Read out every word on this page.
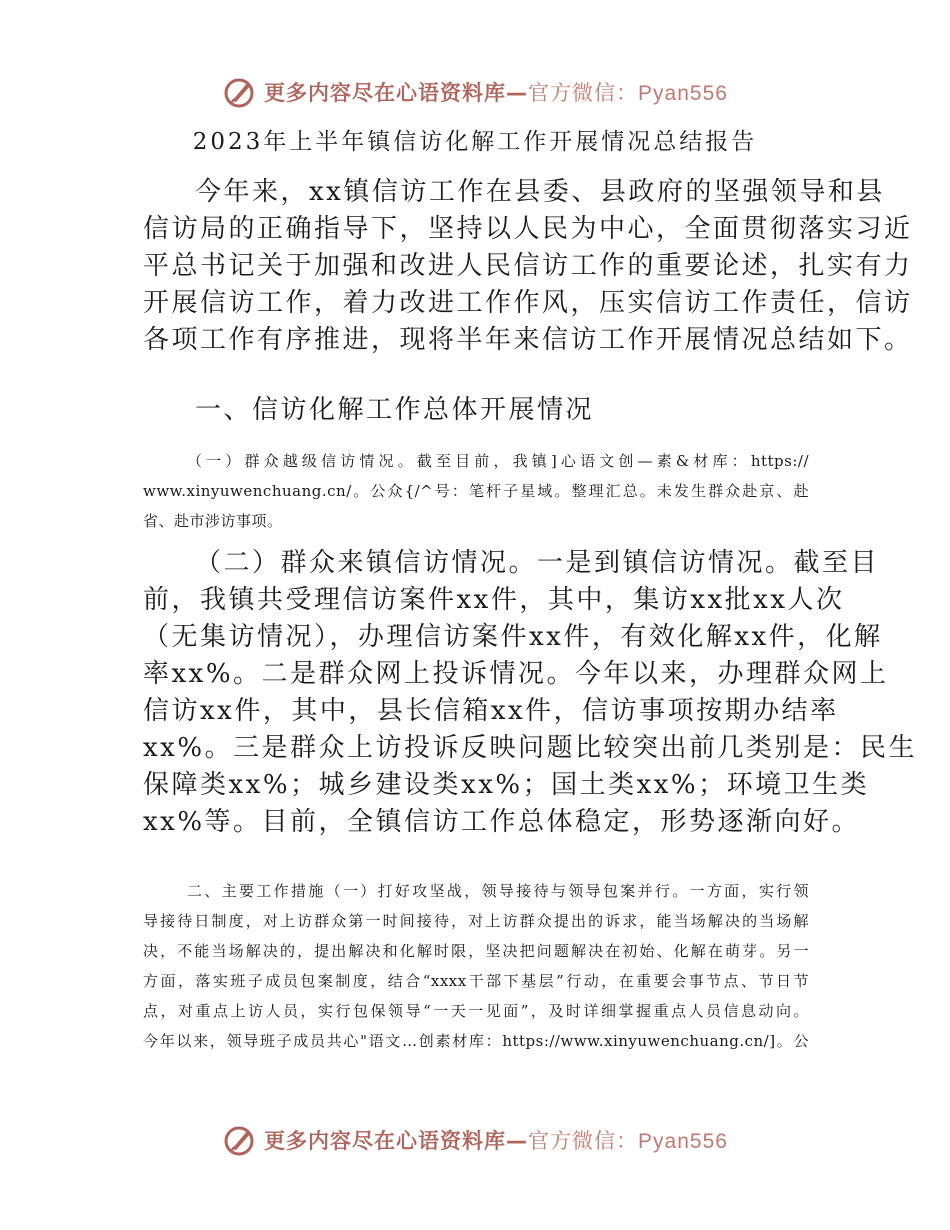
更多内容尽在心语资料库—官方微信：Pyan556
2023年上半年镇信访化解工作开展情况总结报告
今年来，xx镇信访工作在县委、县政府的坚强领导和县
信访局的正确指导下，坚持以人民为中心，全面贯彻落实习近
平总书记关于加强和改进人民信访工作的重要论述，扎实有力
开展信访工作，着力改进工作作风，压实信访工作责任，信访
各项工作有序推进，现将半年来信访工作开展情况总结如下。
一、信访化解工作总体开展情况
（一）群众越级信访情况。截至目前，我镇]心语文创—素&材库：https://
www.xinyuwenchuang.cn/。公众{/^号：笔杆子星域。整理汇总。未发生群众赴京、赴
省、赴市涉访事项。
（二）群众来镇信访情况。一是到镇信访情况。截至目
前，我镇共受理信访案件xx件，其中，集访xx批xx人次
（无集访情况），办理信访案件xx件，有效化解xx件，化解
率xx%。二是群众网上投诉情况。今年以来，办理群众网上
信访xx件，其中，县长信箱xx件，信访事项按期办结率
xx%。三是群众上访投诉反映问题比较突出前几类别是：民生
保障类xx%；城乡建设类xx%；国土类xx%；环境卫生类
xx%等。目前，全镇信访工作总体稳定，形势逐渐向好。
二、主要工作措施（一）打好攻坚战，领导接待与领导包案并行。一方面，实行领
导接待日制度，对上访群众第一时间接待，对上访群众提出的诉求，能当场解决的当场解
决，不能当场解决的，提出解决和化解时限，坚决把问题解决在初始、化解在萌芽。另一
方面，落实班子成员包案制度，结合“xxxx干部下基层”行动，在重要会事节点、节日节
点，对重点上访人员，实行包保领导“一天一见面”，及时详细掌握重点人员信息动向。
今年以来，领导班子成员共心"语文…创素材库：https://www.xinyuwenchuang.cn/]。公
更多内容尽在心语资料库—官方微信：Pyan556
